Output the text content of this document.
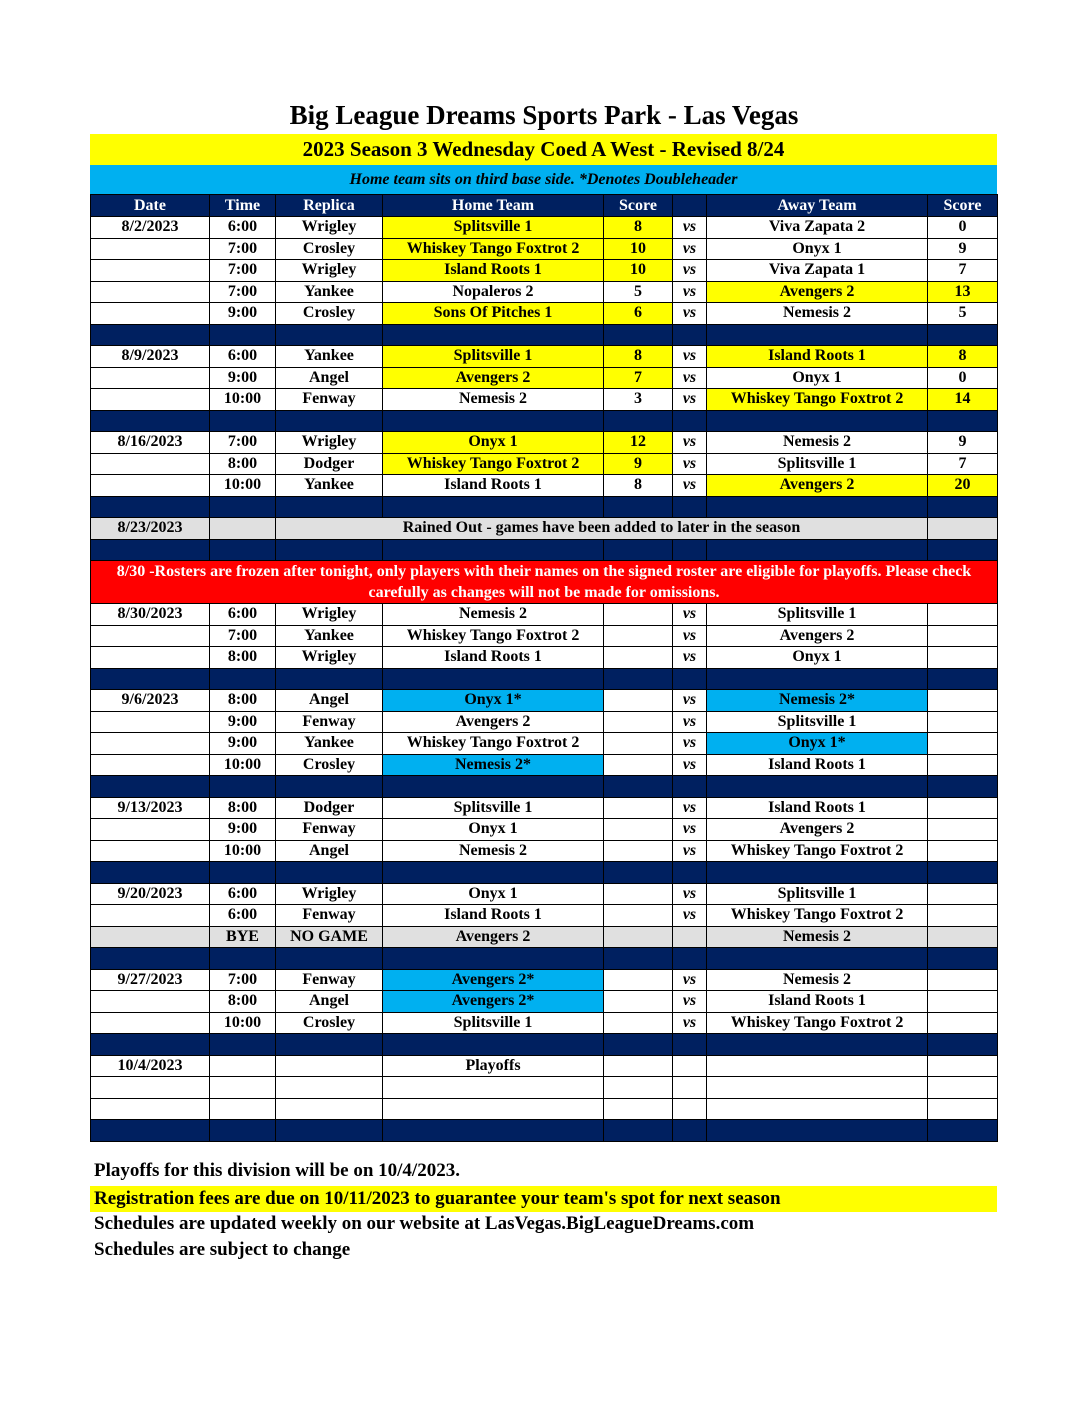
Big League Dreams Sports Park - Las Vegas
2023 Season 3 Wednesday Coed A West - Revised 8/24
Home team sits on third base side. *Denotes Doubleheader
Date	Time	Replica	Home Team	Score		Away Team	Score
8/2/2023	6:00	Wrigley	Splitsville 1	8	vs	Viva Zapata 2	0
	7:00	Crosley	Whiskey Tango Foxtrot 2	10	vs	Onyx 1	9
	7:00	Wrigley	Island Roots 1	10	vs	Viva Zapata 1	7
	7:00	Yankee	Nopaleros 2	5	vs	Avengers 2	13
	9:00	Crosley	Sons Of Pitches 1	6	vs	Nemesis 2	5

8/9/2023	6:00	Yankee	Splitsville 1	8	vs	Island Roots 1	8
	9:00	Angel	Avengers 2	7	vs	Onyx 1	0
	10:00	Fenway	Nemesis 2	3	vs	Whiskey Tango Foxtrot 2	14

8/16/2023	7:00	Wrigley	Onyx 1	12	vs	Nemesis 2	9
	8:00	Dodger	Whiskey Tango Foxtrot 2	9	vs	Splitsville 1	7
	10:00	Yankee	Island Roots 1	8	vs	Avengers 2	20

8/23/2023		Rained Out - games have been added to later in the season					

8/30 -Rosters are frozen after tonight, only players with their names on the signed roster are eligible for playoffs. Please check carefully as changes will not be made for omissions.							
8/30/2023	6:00	Wrigley	Nemesis 2		vs	Splitsville 1	
	7:00	Yankee	Whiskey Tango Foxtrot 2		vs	Avengers 2	
	8:00	Wrigley	Island Roots 1		vs	Onyx 1	

9/6/2023	8:00	Angel	Onyx 1*		vs	Nemesis 2*	
	9:00	Fenway	Avengers 2		vs	Splitsville 1	
	9:00	Yankee	Whiskey Tango Foxtrot 2		vs	Onyx 1*	
	10:00	Crosley	Nemesis 2*		vs	Island Roots 1	

9/13/2023	8:00	Dodger	Splitsville 1		vs	Island Roots 1	
	9:00	Fenway	Onyx 1		vs	Avengers 2	
	10:00	Angel	Nemesis 2		vs	Whiskey Tango Foxtrot 2	

9/20/2023	6:00	Wrigley	Onyx 1		vs	Splitsville 1	
	6:00	Fenway	Island Roots 1		vs	Whiskey Tango Foxtrot 2	
	BYE	NO GAME	Avengers 2			Nemesis 2	

9/27/2023	7:00	Fenway	Avengers 2*		vs	Nemesis 2	
	8:00	Angel	Avengers 2*		vs	Island Roots 1	
	10:00	Crosley	Splitsville 1		vs	Whiskey Tango Foxtrot 2	

10/4/2023			Playoffs				

Playoffs for this division will be on 10/4/2023.
Registration fees are due on 10/11/2023 to guarantee your team's spot for next season
Schedules are updated weekly on our website at LasVegas.BigLeagueDreams.com
Schedules are subject to change
